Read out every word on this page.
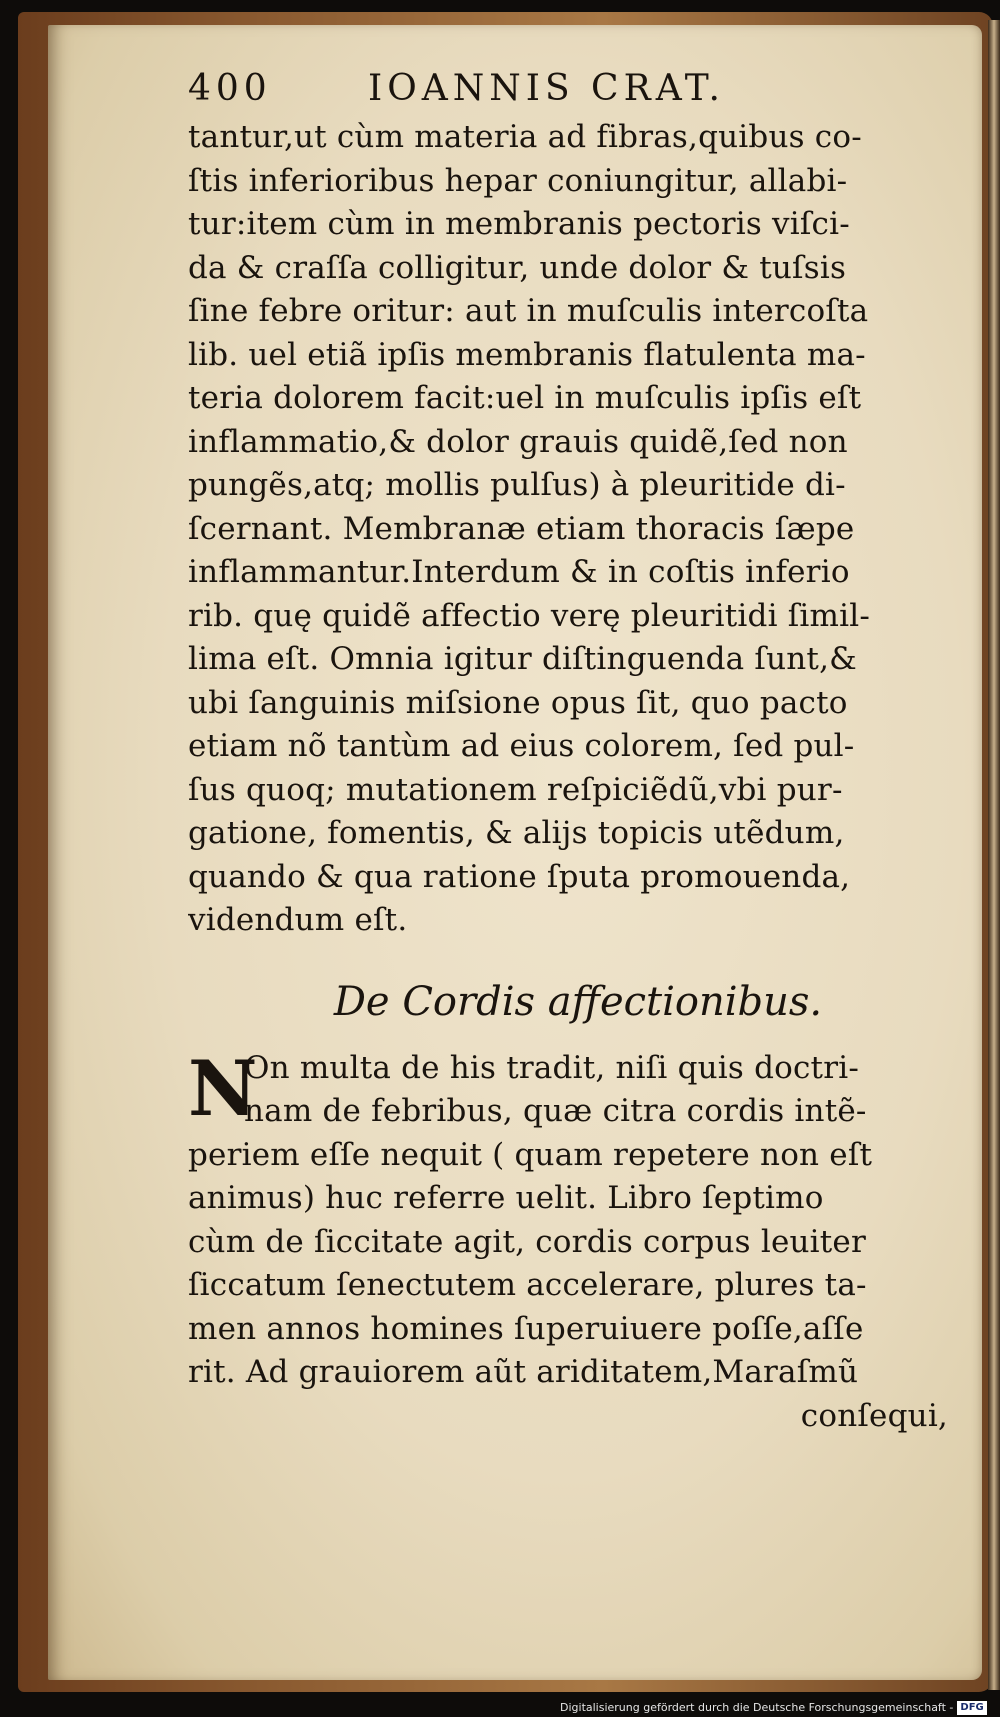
400	IOANNIS CRAT.
tantur,ut cùm materia ad fibras,quibus co-
ſtis inferioribus hepar coniungitur, allabi-
tur:item cùm in membranis pectoris viſci-
da & craſſa colligitur, unde dolor & tuſsis
ſine febre oritur: aut in muſculis intercoſta
lib. uel etiã ipſis membranis flatulenta ma-
teria dolorem facit:uel in muſculis ipſis eſt
inflammatio,& dolor grauis quidẽ,ſed non
pungẽs,atq; mollis pulſus) à pleuritide di-
ſcernant. Membranæ etiam thoracis ſæpe
inflammantur.Interdum & in coſtis inferio
rib. quę quidẽ affectio verę pleuritidi ſimil-
lima eſt. Omnia igitur diſtinguenda ſunt,&
ubi ſanguinis miſsione opus ſit, quo pacto
etiam nõ tantùm ad eius colorem, ſed pul-
ſus quoq; mutationem reſpiciẽdũ,vbi pur-
gatione, fomentis, & alijs topicis utẽdum,
quando & qua ratione ſputa promouenda,
videndum eſt.
De Cordis affectionibus.
N
On multa de his tradit, niſi quis doctri-
nam de febribus, quæ citra cordis intẽ-
periem eſſe nequit ( quam repetere non eſt
animus) huc referre uelit. Libro ſeptimo
cùm de ſiccitate agit, cordis corpus leuiter
ſiccatum ſenectutem accelerare, plures ta-
men annos homines ſuperuiuere poſſe,aſſe
rit. Ad grauiorem aũt ariditatem,Maraſmũ
conſequi,
Digitalisierung gefördert durch die Deutsche Forschungsgemeinschaft - DFG
